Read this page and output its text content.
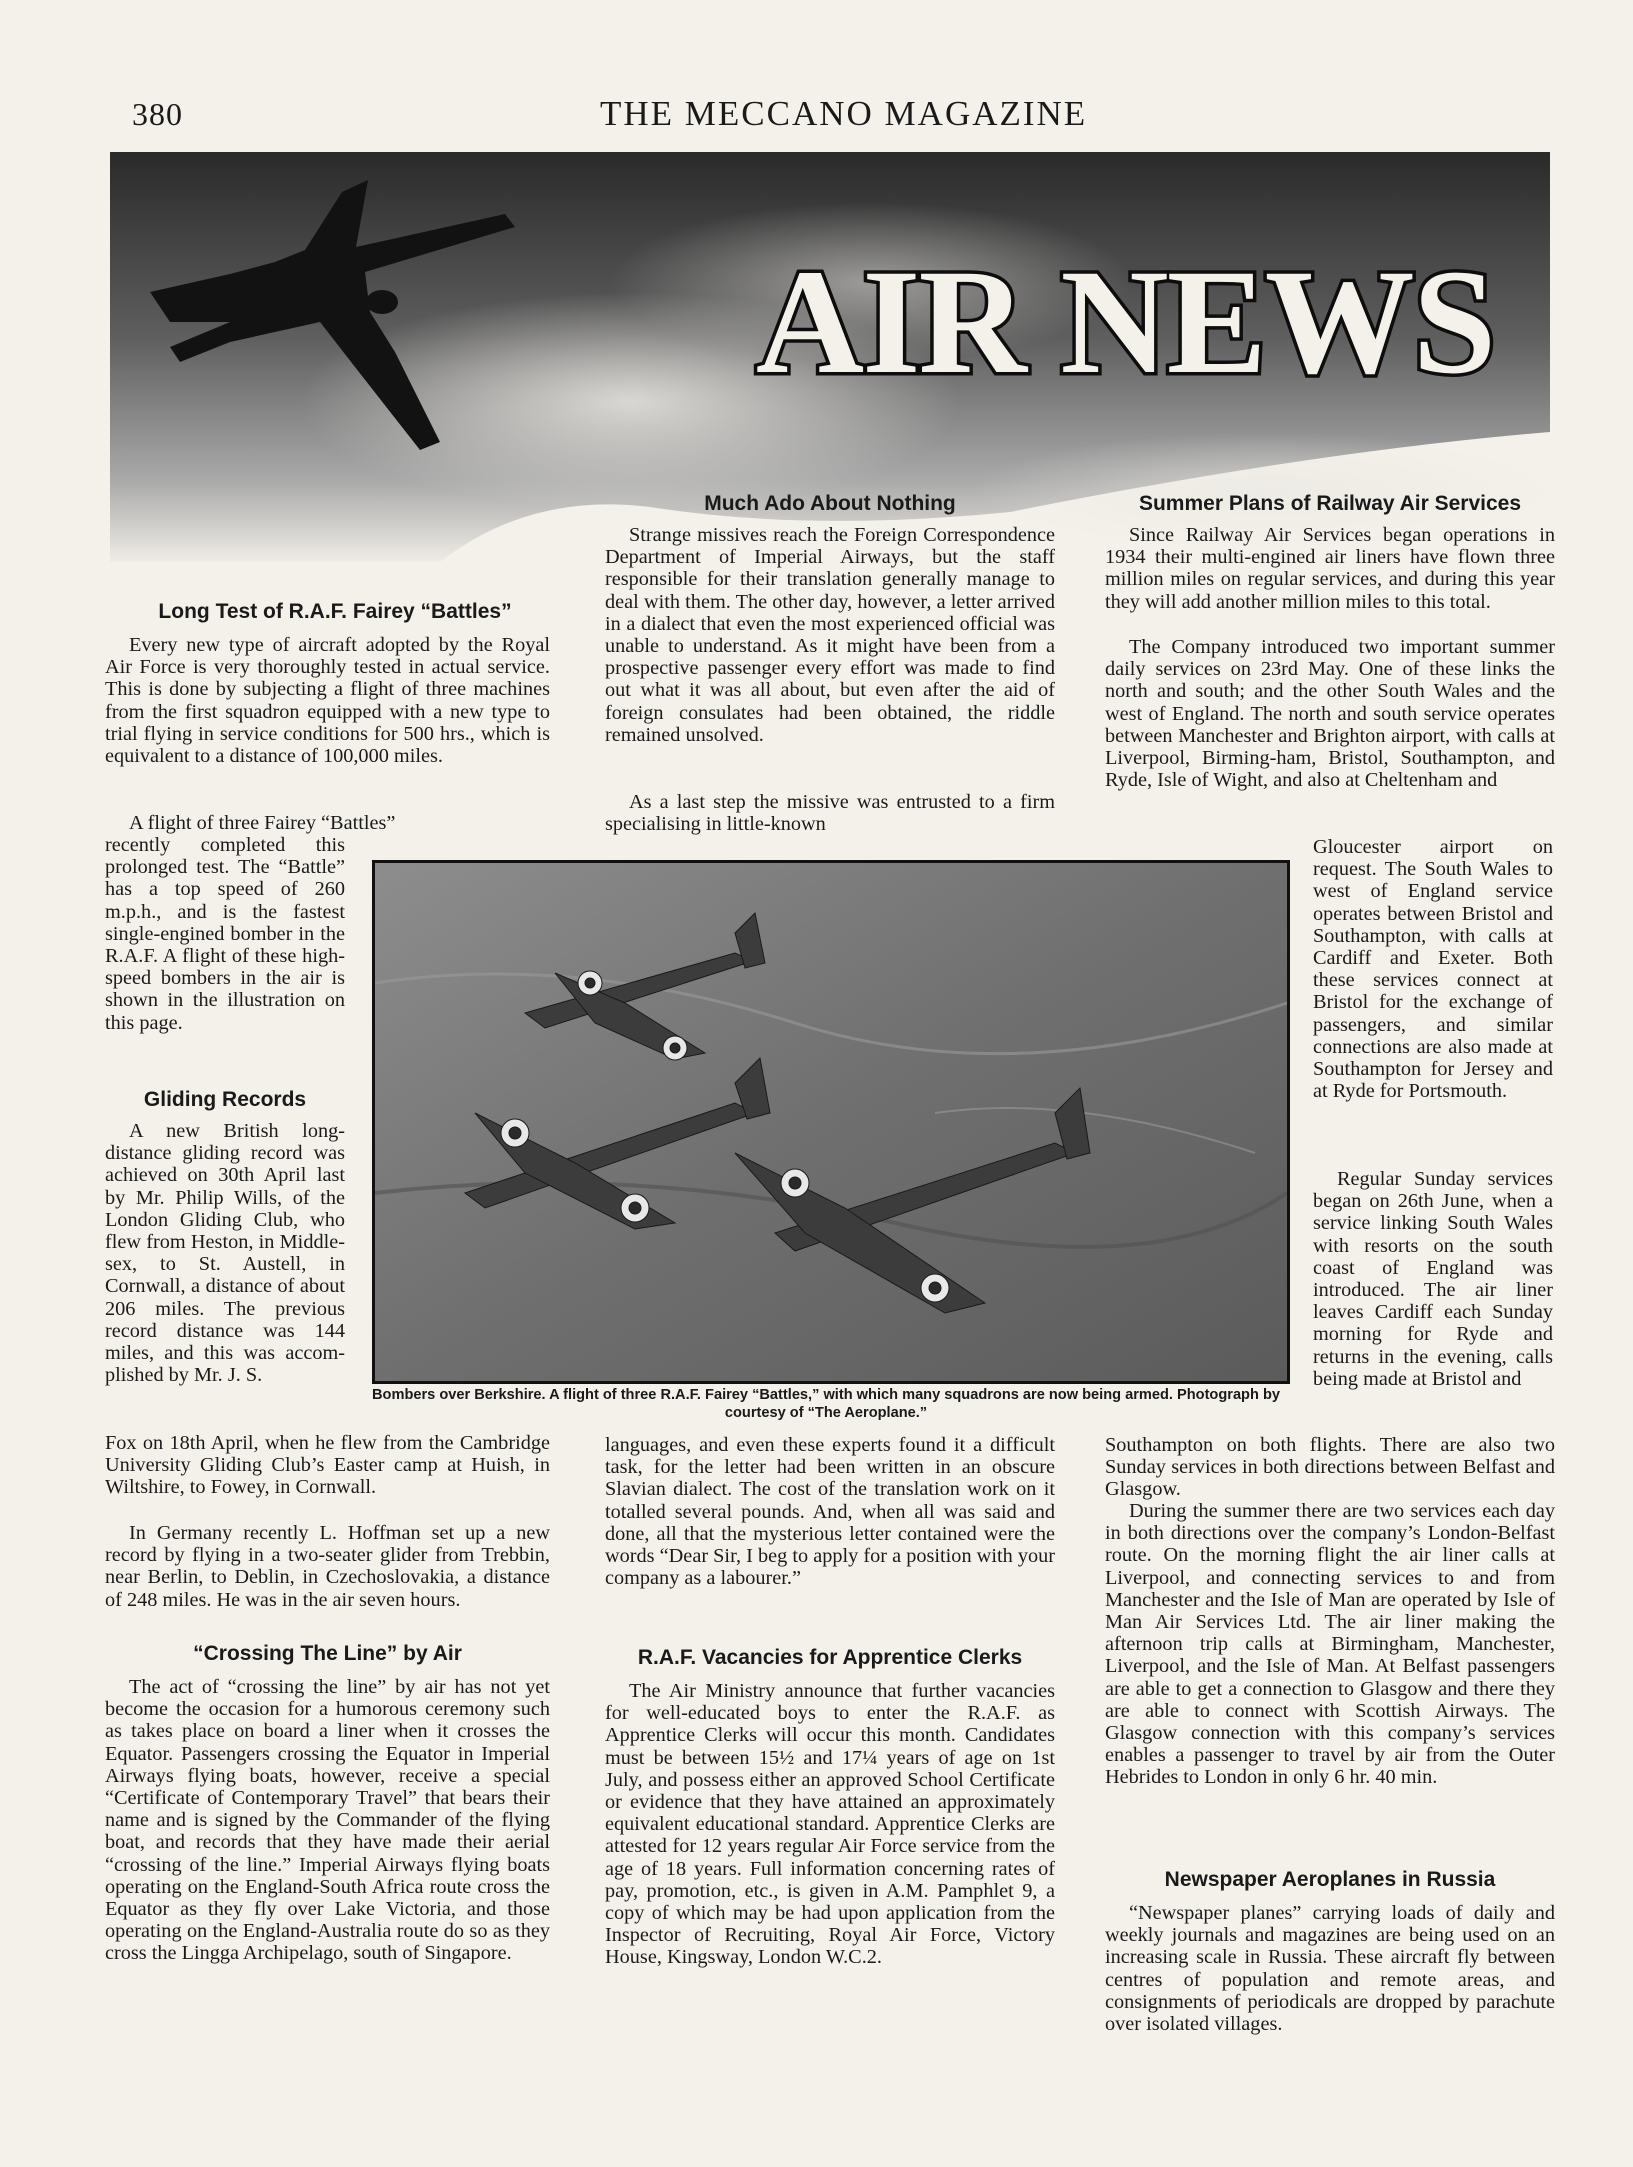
380	THE MECCANO MAGAZINE
AIR NEWS
Long Test of R.A.F. Fairey “Battles”

Every new type of aircraft adopted by the Royal Air Force is very thoroughly tested in actual service. This is done by subjecting a flight of three machines from the first squadron equipped with a new type to trial flying in service conditions for 500 hrs., which is equivalent to a distance of 100,000 miles.

A flight of three Fairey “Battles”

recently completed this prolonged test. The “Battle” has a top speed of 260 m.p.h., and is the fastest single-engined bomber in the R.A.F. A flight of these high-speed bombers in the air is shown in the illustration on this page.

Gliding Records

A new British long-distance gliding record was achieved on 30th April last by Mr. Philip Wills, of the London Gliding Club, who flew from Heston, in Middle-sex, to St. Austell, in Cornwall, a distance of about 206 miles. The previous record distance was 144 miles, and this was accom-plished by Mr. J. S.

Fox on 18th April, when he flew from the Cambridge University Gliding Club’s Easter camp at Huish, in Wiltshire, to Fowey, in Cornwall.

In Germany recently L. Hoffman set up a new record by flying in a two-seater glider from Trebbin, near Berlin, to Deblin, in Czechoslovakia, a distance of 248 miles. He was in the air seven hours.

“Crossing The Line” by Air

The act of “crossing the line” by air has not yet become the occasion for a humorous ceremony such as takes place on board a liner when it crosses the Equator. Passengers crossing the Equator in Imperial Airways flying boats, however, receive a special “Certificate of Contemporary Travel” that bears their name and is signed by the Commander of the flying boat, and records that they have made their aerial “crossing of the line.” Imperial Airways flying boats operating on the England-South Africa route cross the Equator as they fly over Lake Victoria, and those operating on the England-Australia route do so as they cross the Lingga Archipelago, south of Singapore.

Much Ado About Nothing

Strange missives reach the Foreign Correspondence Department of Imperial Airways, but the staff responsible for their translation generally manage to deal with them. The other day, however, a letter arrived in a dialect that even the most experienced official was unable to understand. As it might have been from a prospective passenger every effort was made to find out what it was all about, but even after the aid of foreign consulates had been obtained, the riddle remained unsolved.

As a last step the missive was entrusted to a firm specialising in little-known

languages, and even these experts found it a difficult task, for the letter had been written in an obscure Slavian dialect. The cost of the translation work on it totalled several pounds. And, when all was said and done, all that the mysterious letter contained were the words “Dear Sir, I beg to apply for a position with your company as a labourer.”

R.A.F. Vacancies for Apprentice Clerks

The Air Ministry announce that further vacancies for well-educated boys to enter the R.A.F. as Apprentice Clerks will occur this month. Candidates must be between 15½ and 17¼ years of age on 1st July, and possess either an approved School Certificate or evidence that they have attained an approximately equivalent educational standard. Apprentice Clerks are attested for 12 years regular Air Force service from the age of 18 years. Full information concerning rates of pay, promotion, etc., is given in A.M. Pamphlet 9, a copy of which may be had upon application from the Inspector of Recruiting, Royal Air Force, Victory House, Kingsway, London W.C.2.

Summer Plans of Railway Air Services

Since Railway Air Services began operations in 1934 their multi-engined air liners have flown three million miles on regular services, and during this year they will add another million miles to this total.

The Company introduced two important summer daily services on 23rd May. One of these links the north and south; and the other South Wales and the west of England. The north and south service operates between Manchester and Brighton airport, with calls at Liverpool, Birming-ham, Bristol, Southampton, and Ryde, Isle of Wight, and also at Cheltenham and

Gloucester airport on request. The South Wales to west of England service operates between Bristol and Southampton, with calls at Cardiff and Exeter. Both these services connect at Bristol for the exchange of passengers, and similar connections are also made at Southampton for Jersey and at Ryde for Portsmouth.

Regular Sunday services began on 26th June, when a service linking South Wales with resorts on the south coast of England was introduced. The air liner leaves Cardiff each Sunday morning for Ryde and returns in the evening, calls being made at Bristol and

Southampton on both flights. There are also two Sunday services in both directions between Belfast and Glasgow.

During the summer there are two services each day in both directions over the company’s London-Belfast route. On the morning flight the air liner calls at Liverpool, and connecting services to and from Manchester and the Isle of Man are operated by Isle of Man Air Services Ltd. The air liner making the afternoon trip calls at Birmingham, Manchester, Liverpool, and the Isle of Man. At Belfast passengers are able to get a connection to Glasgow and there they are able to connect with Scottish Airways. The Glasgow connection with this company’s services enables a passenger to travel by air from the Outer Hebrides to London in only 6 hr. 40 min.

Newspaper Aeroplanes in Russia

“Newspaper planes” carrying loads of daily and weekly journals and magazines are being used on an increasing scale in Russia. These aircraft fly between centres of population and remote areas, and consignments of periodicals are dropped by parachute over isolated villages.

Bombers over Berkshire. A flight of three R.A.F. Fairey “Battles,” with which many squadrons are now being armed. Photograph by courtesy of “The Aeroplane.”
